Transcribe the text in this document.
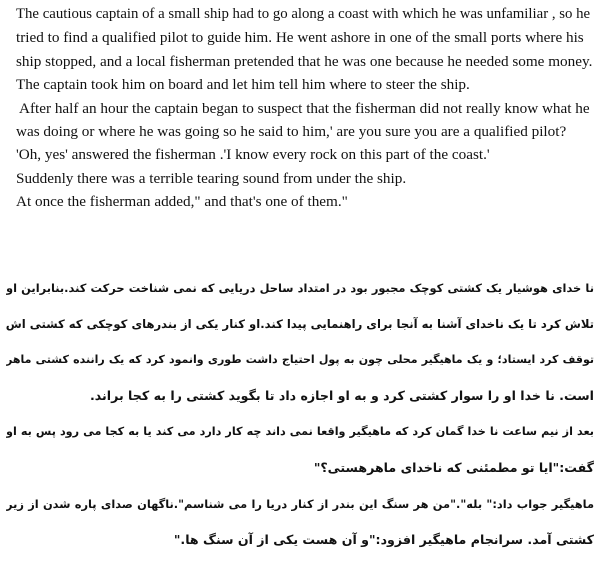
The cautious captain of a small ship had to go along a coast with which he was unfamiliar , so he
tried to find a qualified pilot to guide him. He went ashore in one of the small ports where his
ship stopped, and a local fisherman pretended that he was one because he needed some money.
The captain took him on board and let him tell him where to steer the ship.
After half an hour the captain began to suspect that the fisherman did not really know what he
was doing or where he was going so he said to him,' are you sure you are a qualified pilot?
'Oh, yes' answered the fisherman .'I know every rock on this part of the coast.'
Suddenly there was a terrible tearing sound from under the ship.
At once the fisherman added," and that's one of them."
نا خدای هوشیار یک کشتی کوچک مجبور بود در امتداد ساحل دریایی که نمی شناخت حرکت کند.بنابراین او
تلاش کرد تا یک ناخدای آشنا به آنجا برای راهنمایی پیدا کند.او کنار یکی از بندرهای کوچکی که کشتی اش
توقف کرد ایستاد؛ و یک ماهیگیر محلی چون به پول احتیاج داشت طوری وانمود کرد که یک راننده کشتی ماهر
است. نا خدا او را سوار کشتی کرد و به او اجازه داد تا بگوید کشتی را به کجا براند.
بعد از نیم ساعت نا خدا گمان کرد که ماهیگیر واقعا نمی داند چه کار دارد می کند یا به کجا می رود پس به او
گفت:"ایا تو مطمئنی که ناخدای ماهرهستی؟"
ماهیگیر جواب داد:" بله"."من هر سنگ این بندر از کنار دریا را می شناسم".ناگهان صدای پاره شدن از زیر
کشتی آمد. سرانجام ماهیگیر افزود:"و آن هست یکی از آن سنگ ها."
